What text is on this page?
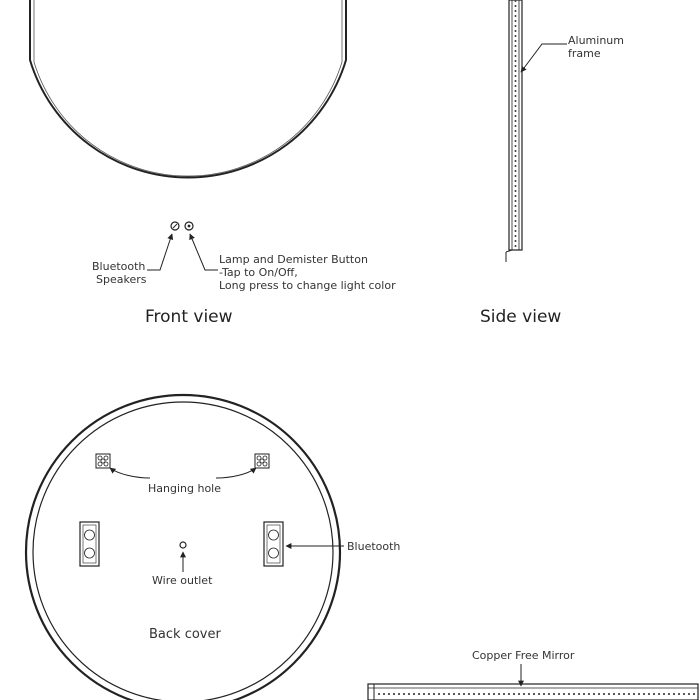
Bluetooth
Speakers
Lamp and Demister Button
-Tap to On/Off,
Long press to change light color
Front view
Aluminum
frame
Side view
Hanging hole
Bluetooth
Wire outlet
Back cover
Copper Free Mirror
